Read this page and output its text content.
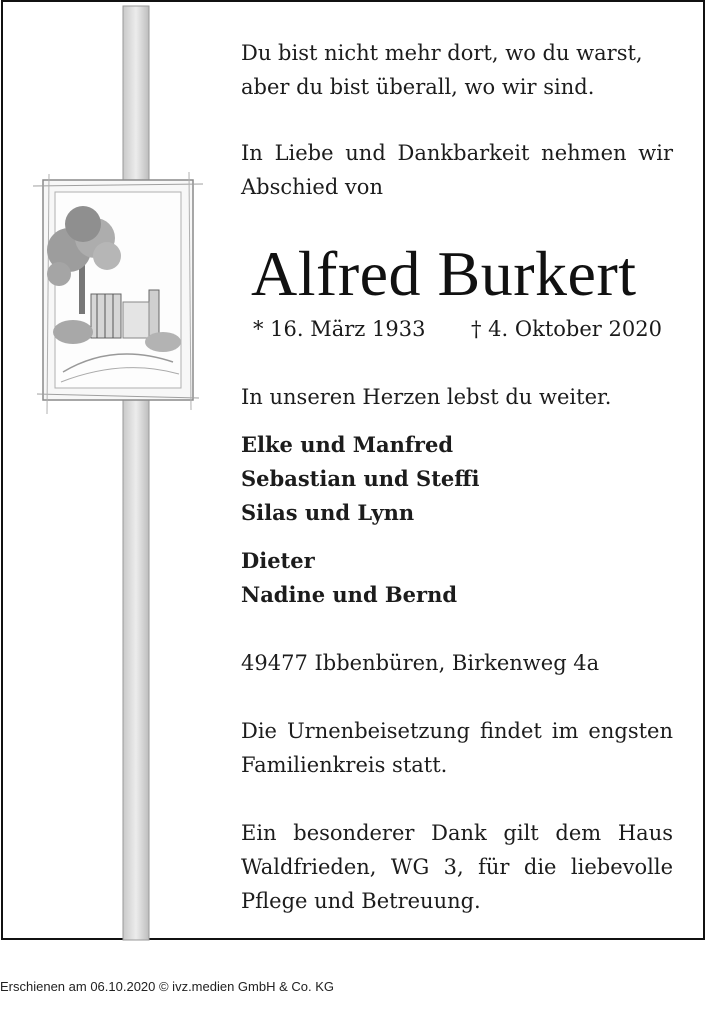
Du bist nicht mehr dort, wo du warst,
aber du bist überall, wo wir sind.
In Liebe und Dankbarkeit nehmen wir
Abschied von
Alfred Burkert
* 16. März 1933 † 4. Oktober 2020
In unseren Herzen lebst du weiter.
Elke und Manfred
Sebastian und Steffi
Silas und Lynn
Dieter
Nadine und Bernd
49477 Ibbenbüren, Birkenweg 4a
Die Urnenbeisetzung findet im engsten
Familienkreis statt.
Ein besonderer Dank gilt dem Haus
Waldfrieden, WG 3, für die liebevolle
Pflege und Betreuung.
Erschienen am 06.10.2020 © ivz.medien GmbH & Co. KG
